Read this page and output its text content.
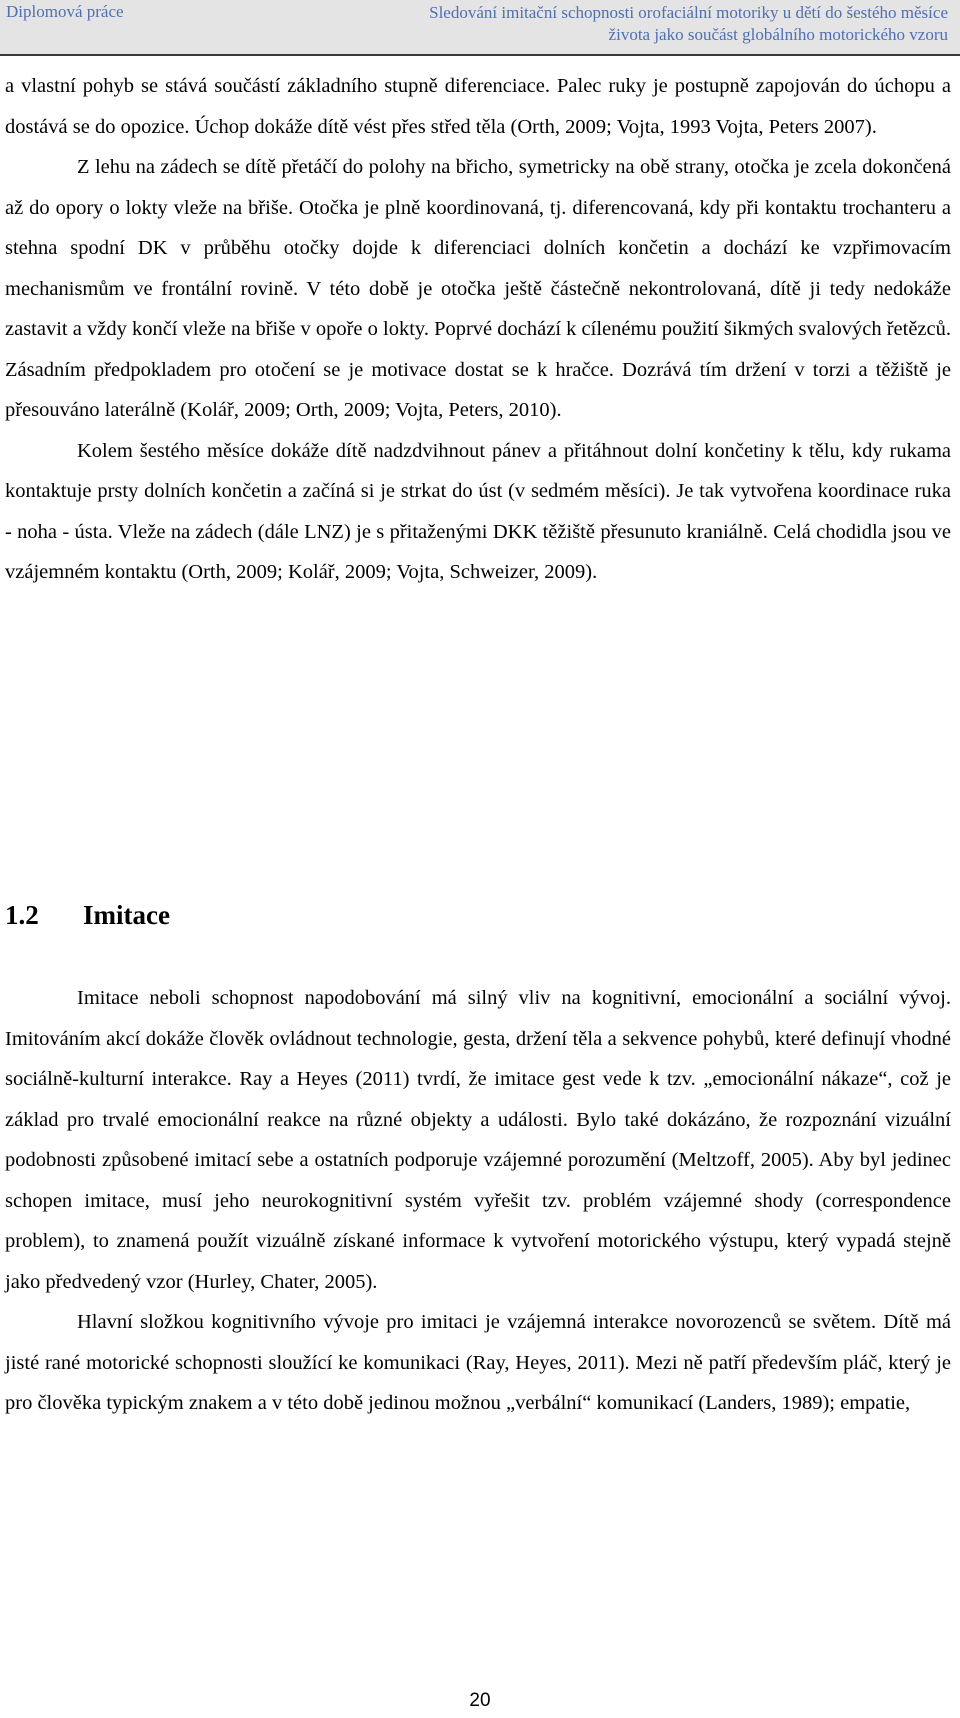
Diplomová práce	Sledování imitační schopnosti orofaciální motoriky u dětí do šestého měsíce života jako součást globálního motorického vzoru

a vlastní pohyb se stává součástí základního stupně diferenciace. Palec ruky je postupně zapojován do úchopu a dostává se do opozice. Úchop dokáže dítě vést přes střed těla (Orth, 2009; Vojta, 1993 Vojta, Peters 2007).

Z lehu na zádech se dítě přetáčí do polohy na břicho, symetricky na obě strany, otočka je zcela dokončená až do opory o lokty vleže na břiše. Otočka je plně koordinovaná, tj. diferencovaná, kdy při kontaktu trochanteru a stehna spodní DK v průběhu otočky dojde k diferenciaci dolních končetin a dochází ke vzpřimovacím mechanismům ve frontální rovině. V této době je otočka ještě částečně nekontrolovaná, dítě ji tedy nedokáže zastavit a vždy končí vleže na břiše v opoře o lokty. Poprvé dochází k cílenému použití šikmých svalových řetězců. Zásadním předpokladem pro otočení se je motivace dostat se k hračce. Dozrává tím držení v torzi a těžiště je přesouváno laterálně (Kolář, 2009; Orth, 2009; Vojta, Peters, 2010).

Kolem šestého měsíce dokáže dítě nadzdvihnout pánev a přitáhnout dolní končetiny k tělu, kdy rukama kontaktuje prsty dolních končetin a začíná si je strkat do úst (v sedmém měsíci). Je tak vytvořena koordinace ruka - noha - ústa. Vleže na zádech (dále LNZ) je s přitaženými DKK těžiště přesunuto kraniálně. Celá chodidla jsou ve vzájemném kontaktu (Orth, 2009; Kolář, 2009; Vojta, Schweizer, 2009).

1.2 Imitace

Imitace neboli schopnost napodobování má silný vliv na kognitivní, emocionální a sociální vývoj. Imitováním akcí dokáže člověk ovládnout technologie, gesta, držení těla a sekvence pohybů, které definují vhodné sociálně-kulturní interakce. Ray a Heyes (2011) tvrdí, že imitace gest vede k tzv. „emocionální nákaze“, což je základ pro trvalé emocionální reakce na různé objekty a události. Bylo také dokázáno, že rozpoznání vizuální podobnosti způsobené imitací sebe a ostatních podporuje vzájemné porozumění (Meltzoff, 2005). Aby byl jedinec schopen imitace, musí jeho neurokognitivní systém vyřešit tzv. problém vzájemné shody (correspondence problem), to znamená použít vizuálně získané informace k vytvoření motorického výstupu, který vypadá stejně jako předvedený vzor (Hurley, Chater, 2005).

Hlavní složkou kognitivního vývoje pro imitaci je vzájemná interakce novorozenců se světem. Dítě má jisté rané motorické schopnosti sloužící ke komunikaci (Ray, Heyes, 2011). Mezi ně patří především pláč, který je pro člověka typickým znakem a v této době jedinou možnou „verbální“ komunikací (Landers, 1989); empatie,

20
